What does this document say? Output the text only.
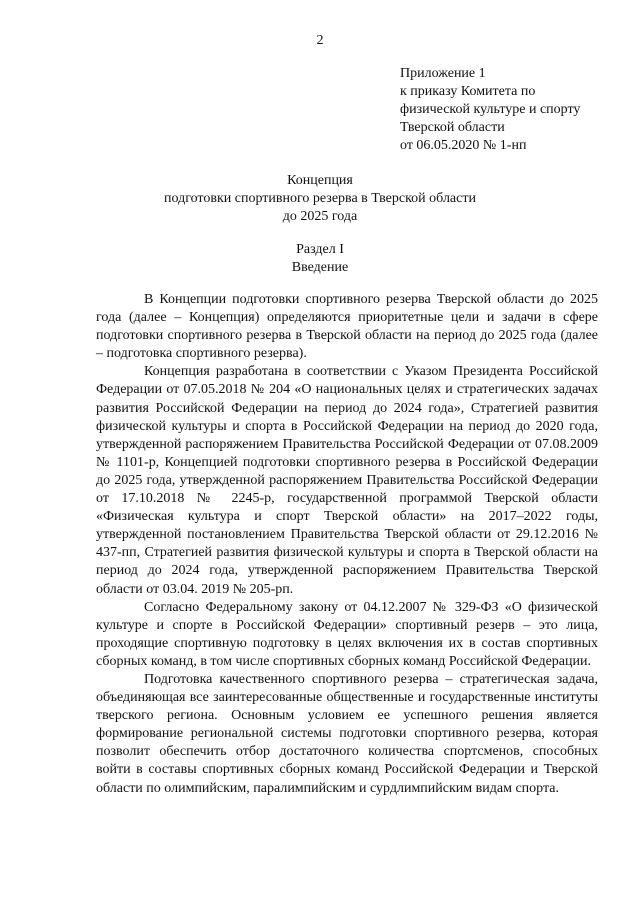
2
Приложение 1
к приказу Комитета по
физической культуре и спорту
Тверской области
от 06.05.2020 № 1-нп
Концепция
подготовки спортивного резерва в Тверской области
до 2025 года
Раздел I
Введение

В Концепции подготовки спортивного резерва Тверской области до 2025 года (далее – Концепция) определяются приоритетные цели и задачи в сфере подготовки спортивного резерва в Тверской области на период до 2025 года (далее – подготовка спортивного резерва).

Концепция разработана в соответствии с Указом Президента Российской Федерации от 07.05.2018 № 204 «О национальных целях и стратегических задачах развития Российской Федерации на период до 2024 года», Стратегией развития физической культуры и спорта в Российской Федерации на период до 2020 года, утвержденной распоряжением Правительства Российской Федерации от 07.08.2009 № 1101-р, Концепцией подготовки спортивного резерва в Российской Федерации до 2025 года, утвержденной распоряжением Правительства Российской Федерации от 17.10.2018 № 2245-р, государственной программой Тверской области «Физическая культура и спорт Тверской области» на 2017–2022 годы, утвержденной постановлением Правительства Тверской области от 29.12.2016 № 437-пп, Стратегией развития физической культуры и спорта в Тверской области на период до 2024 года, утвержденной распоряжением Правительства Тверской области от 03.04. 2019 № 205-рп.

Согласно Федеральному закону от 04.12.2007 № 329-ФЗ «О физической культуре и спорте в Российской Федерации» спортивный резерв – это лица, проходящие спортивную подготовку в целях включения их в состав спортивных сборных команд, в том числе спортивных сборных команд Российской Федерации.

Подготовка качественного спортивного резерва – стратегическая задача, объединяющая все заинтересованные общественные и государственные институты тверского региона. Основным условием ее успешного решения является формирование региональной системы подготовки спортивного резерва, которая позволит обеспечить отбор достаточного количества спортсменов, способных войти в составы спортивных сборных команд Российской Федерации и Тверской области по олимпийским, паралимпийским и сурдлимпийским видам спорта.
